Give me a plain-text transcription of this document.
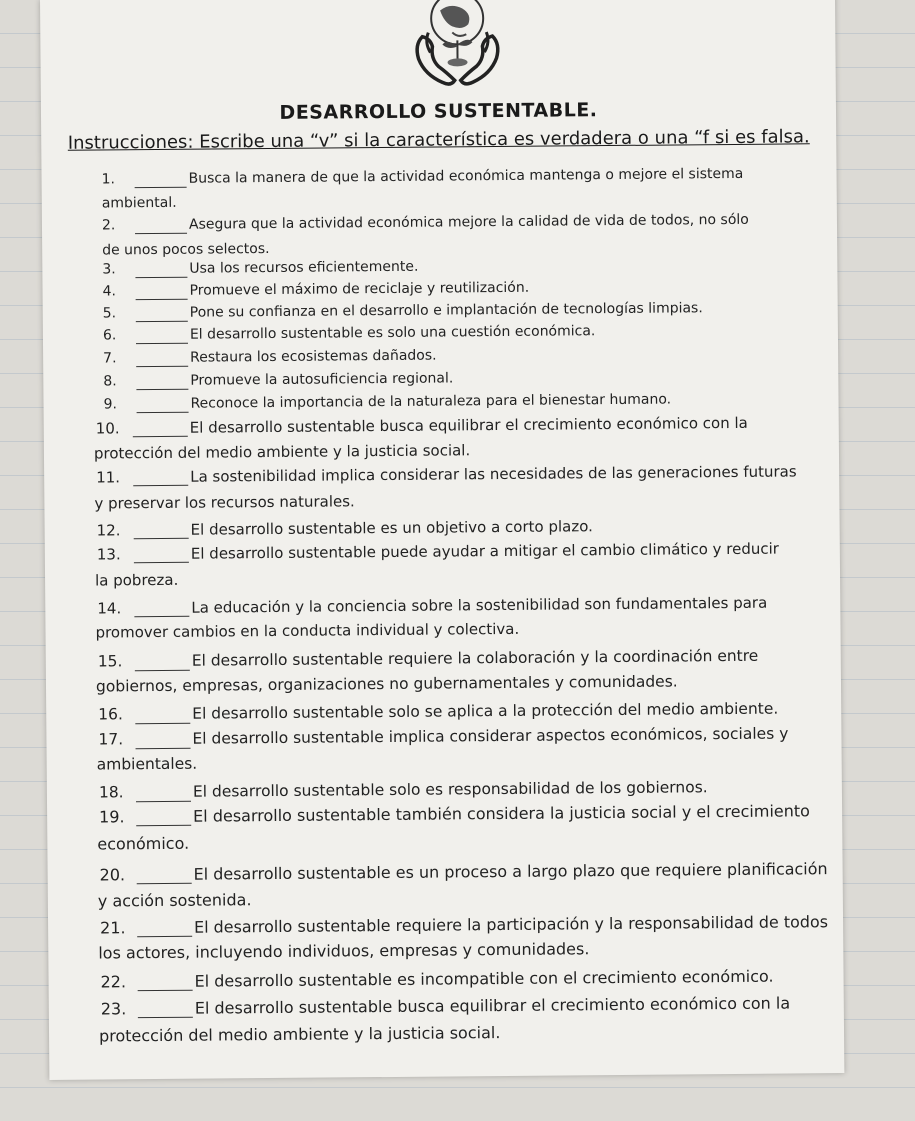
DESARROLLO SUSTENTABLE.
Instrucciones: Escribe una “v” si la característica es verdadera o una “f si es falsa.
1.	Busca la manera de que la actividad económica mantenga o mejore el sistema
ambiental.
2.	Asegura que la actividad económica mejore la calidad de vida de todos, no sólo
de unos pocos selectos.
3.	Usa los recursos eficientemente.
4.	Promueve el máximo de reciclaje y reutilización.
5.	Pone su confianza en el desarrollo e implantación de tecnologías limpias.
6.	El desarrollo sustentable es solo una cuestión económica.
7.	Restaura los ecosistemas dañados.
8.	Promueve la autosuficiencia regional.
9.	Reconoce la importancia de la naturaleza para el bienestar humano.
10.	El desarrollo sustentable busca equilibrar el crecimiento económico con la
protección del medio ambiente y la justicia social.
11.	La sostenibilidad implica considerar las necesidades de las generaciones futuras
y preservar los recursos naturales.
12.	El desarrollo sustentable es un objetivo a corto plazo.
13.	El desarrollo sustentable puede ayudar a mitigar el cambio climático y reducir
la pobreza.
14.	La educación y la conciencia sobre la sostenibilidad son fundamentales para
promover cambios en la conducta individual y colectiva.
15.	El desarrollo sustentable requiere la colaboración y la coordinación entre
gobiernos, empresas, organizaciones no gubernamentales y comunidades.
16.	El desarrollo sustentable solo se aplica a la protección del medio ambiente.
17.	El desarrollo sustentable implica considerar aspectos económicos, sociales y
ambientales.
18.	El desarrollo sustentable solo es responsabilidad de los gobiernos.
19.	El desarrollo sustentable también considera la justicia social y el crecimiento
económico.
20.	El desarrollo sustentable es un proceso a largo plazo que requiere planificación
y acción sostenida.
21.	El desarrollo sustentable requiere la participación y la responsabilidad de todos
los actores, incluyendo individuos, empresas y comunidades.
22.	El desarrollo sustentable es incompatible con el crecimiento económico.
23.	El desarrollo sustentable busca equilibrar el crecimiento económico con la
protección del medio ambiente y la justicia social.
